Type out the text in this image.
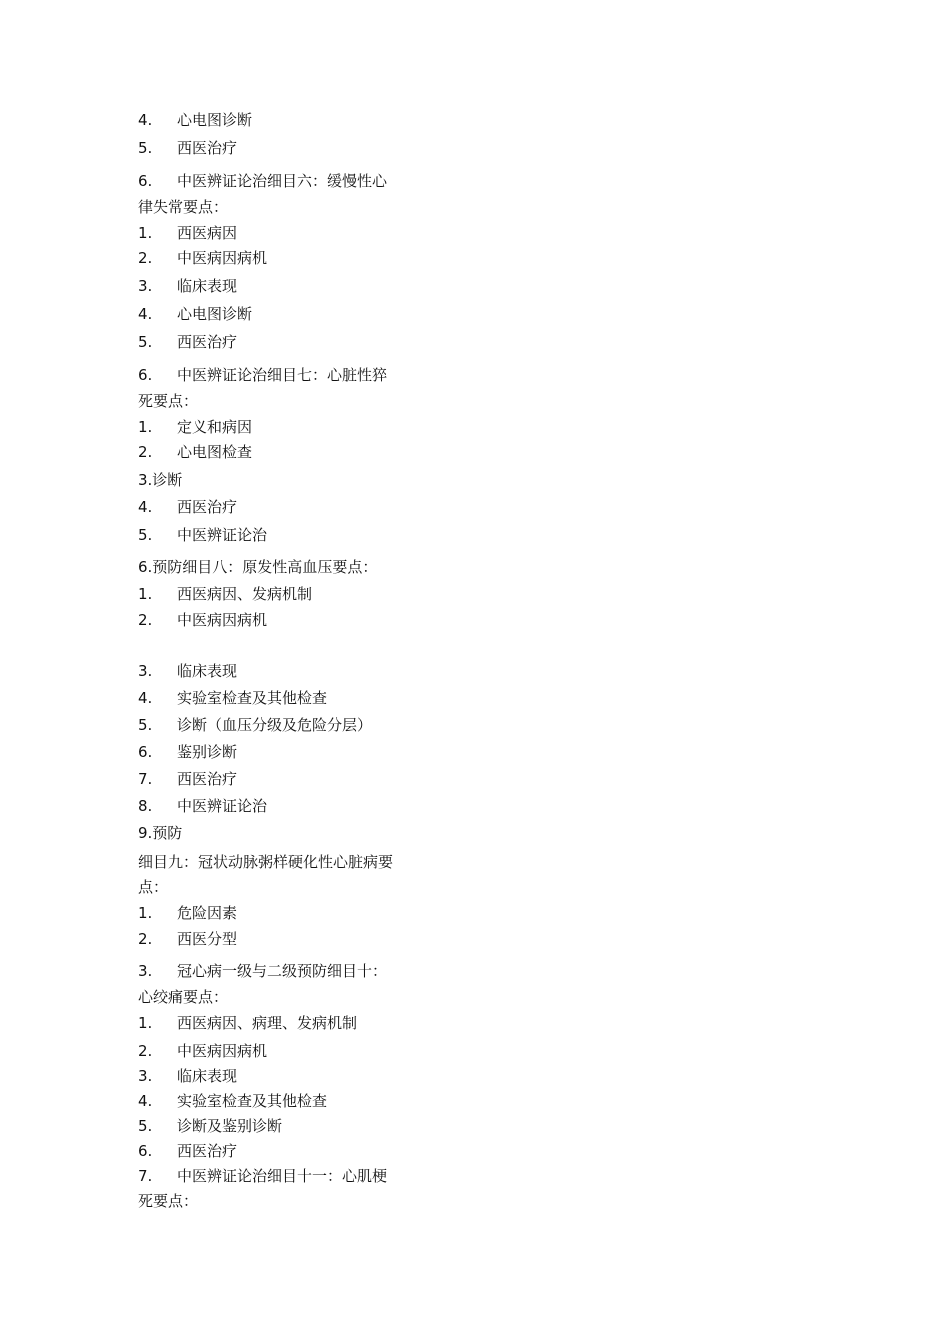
4. 心电图诊断
5. 西医治疗
6. 中医辨证论治细目六：缓慢性心
律失常要点：
1. 西医病因
2. 中医病因病机
3. 临床表现
4. 心电图诊断
5. 西医治疗
6. 中医辨证论治细目七：心脏性猝
死要点：
1. 定义和病因
2. 心电图检查
3.诊断
4. 西医治疗
5. 中医辨证论治
6.预防细目八：原发性高血压要点：
1. 西医病因、发病机制
2. 中医病因病机
3. 临床表现
4. 实验室检查及其他检查
5. 诊断（血压分级及危险分层）
6. 鉴别诊断
7. 西医治疗
8. 中医辨证论治
9.预防
细目九：冠状动脉粥样硬化性心脏病要
点：
1. 危险因素
2. 西医分型
3. 冠心病一级与二级预防细目十：
心绞痛要点：
1. 西医病因、病理、发病机制
2. 中医病因病机
3. 临床表现
4. 实验室检查及其他检查
5. 诊断及鉴别诊断
6. 西医治疗
7. 中医辨证论治细目十一：心肌梗
死要点：
